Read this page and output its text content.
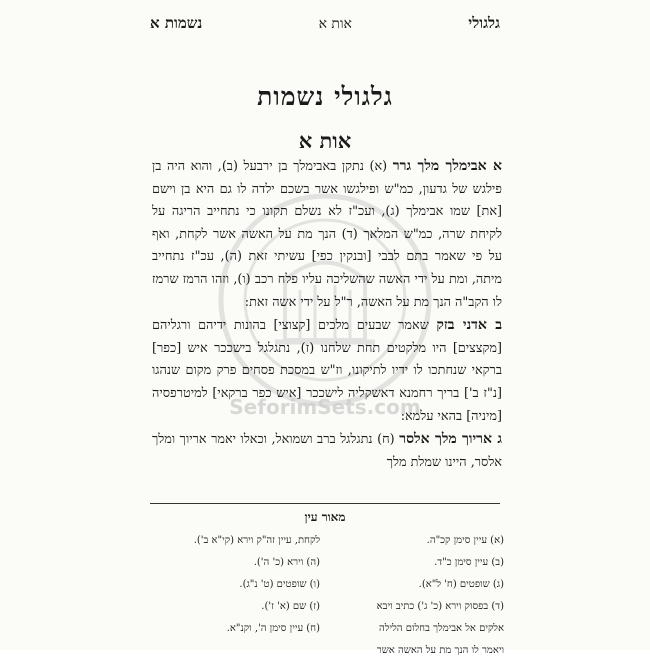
גלגולי
אות א
נשמות א
גלגולי נשמות
אות א
SeforimSets.com

א אבימלך מלך גרר (א) נתקן באבימלך בן ירבעל (ב), והוא היה בן פילגש של גדעון, כמ"ש ופילגשו אשר בשכם ילדה לו גם היא בן וישם [את] שמו אבימלך (ג), ועכ"ז לא נשלם תקונו כי נתחייב הריגה על לקיחת שרה, כמ"ש המלאך (ד) הנך מת על האשה אשר לקחת, ואף על פי שאמר בתם לבבי [ובנקין כפי] עשיתי זאת (ה), עכ"ז נתחייב מיתה, ומת על ידי האשה שהשליכה עליו פלח רכב (ו), וזהו הרמז שרמז לו הקב"ה הנך מת על האשה, ר"ל על ידי אשה זאת:

ב אדני בזק שאמר שבעים מלכים [קצוצי] בהונות ידיהם ורגליהם [מקצצים] היו מלקטים תחת שלחנו (ז), נתגלגל בישככר איש [כפר] ברקאי שנחתכו לו ידיו לתיקונו, וז"ש במסכת פסחים פרק מקום שנהגו [נ"ז ב'] בריך רחמנא דאשקליה לישככר [איש כפר ברקאי] למיטרפסיה [מיניה] בהאי עלמא:

ג אריוך מלך אלסר (ח) נתגלגל ברב ושמואל, וכאלו יאמר אריוך ומלך אלסר, היינו שמלת מלך

מאור עין
(א) עיין סימן קכ"ה.
(ב) עיין סימן כ"ד.
(ג) שופטים (ח' ל"א).
(ד) בפסוק וירא (כ' ג') כתיב ויבא
אלקים אל אבימלך בחלום הלילה
ויאמר לו הנך מת על האשה אשר
לקחת, עיין זה"ק וירא (קי"א ב').
(ה) וירא (כ' ה').
(ו) שופטים (ט' נ"ג).
(ז) שם (א' ז').
(ח) עיין סימן ה', וקנ"א.
